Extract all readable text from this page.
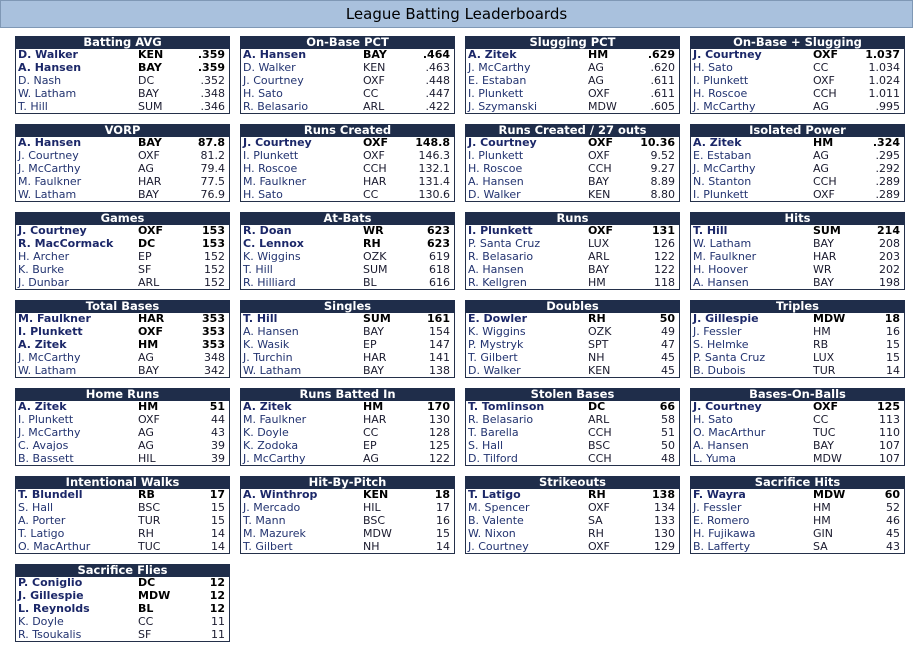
League Batting Leaderboards
Batting AVG
D. Walker	KEN	.359
A. Hansen	BAY	.359
D. Nash	DC	.352
W. Latham	BAY	.348
T. Hill	SUM	.346
On-Base PCT
A. Hansen	BAY	.464
D. Walker	KEN	.463
J. Courtney	OXF	.448
H. Sato	CC	.447
R. Belasario	ARL	.422
Slugging PCT
A. Zitek	HM	.629
J. McCarthy	AG	.620
E. Estaban	AG	.611
I. Plunkett	OXF	.611
J. Szymanski	MDW	.605
On-Base + Slugging
J. Courtney	OXF 1.037
H. Sato	CC	1.034
I. Plunkett	OXF	1.024
H. Roscoe	CCH	1.011
J. McCarthy	AG	.995
VORP
A. Hansen	BAY	87.8
J. Courtney	OXF	81.2
J. McCarthy	AG	79.4
M. Faulkner	HAR	77.5
W. Latham	BAY	76.9
Runs Created
J. Courtney	OXF 148.8
I. Plunkett	OXF	146.3
H. Roscoe	CCH	132.1
M. Faulkner	HAR	131.4
H. Sato	CC	130.6
Runs Created / 27 outs
J. Courtney	OXF 10.36
I. Plunkett	OXF	9.52
H. Roscoe	CCH	9.27
A. Hansen	BAY	8.89
D. Walker	KEN	8.80
Isolated Power
A. Zitek	HM	.324
E. Estaban	AG	.295
J. McCarthy	AG	.292
N. Stanton	CCH	.289
I. Plunkett	OXF	.289
Games
J. Courtney	OXF	153
R. MacCormack DC	153
H. Archer	EP	152
K. Burke	SF	152
J. Dunbar	ARL	152
At-Bats
R. Doan	WR	623
C. Lennox	RH	623
K. Wiggins	OZK	619
T. Hill	SUM	618
R. Hilliard	BL	616
Runs
I. Plunkett	OXF	131
P. Santa Cruz	LUX	126
R. Belasario	ARL	122
A. Hansen	BAY	122
R. Kellgren	HM	118
Hits
T. Hill	SUM	214
W. Latham	BAY	208
M. Faulkner	HAR	203
H. Hoover	WR	202
A. Hansen	BAY	198
Total Bases
M. Faulkner	HAR	353
I. Plunkett	OXF	353
A. Zitek	HM	353
J. McCarthy	AG	348
W. Latham	BAY	342
Singles
T. Hill	SUM	161
A. Hansen	BAY	154
K. Wasik	EP	147
J. Turchin	HAR	141
W. Latham	BAY	138
Doubles
E. Dowler	RH	50
K. Wiggins	OZK	49
P. Mystryk	SPT	47
T. Gilbert	NH	45
D. Walker	KEN	45
Triples
J. Gillespie	MDW	18
J. Fessler	HM	16
S. Helmke	RB	15
P. Santa Cruz	LUX	15
B. Dubois	TUR	14
Home Runs
A. Zitek	HM	51
I. Plunkett	OXF	44
J. McCarthy	AG	43
C. Avajos	AG	39
B. Bassett	HIL	39
Runs Batted In
A. Zitek	HM	170
M. Faulkner	HAR	130
K. Doyle	CC	128
K. Zodoka	EP	125
J. McCarthy	AG	122
Stolen Bases
T. Tomlinson	DC	66
R. Belasario	ARL	58
T. Barella	CCH	51
S. Hall	BSC	50
D. Tilford	CCH	48
Bases-On-Balls
J. Courtney	OXF	125
H. Sato	CC	113
O. MacArthur	TUC	110
A. Hansen	BAY	107
L. Yuma	MDW	107
Intentional Walks
T. Blundell	RB	17
S. Hall	BSC	15
A. Porter	TUR	15
T. Latigo	RH	14
O. MacArthur	TUC	14
Hit-By-Pitch
A. Winthrop	KEN	18
J. Mercado	HIL	17
T. Mann	BSC	16
M. Mazurek	MDW	15
T. Gilbert	NH	14
Strikeouts
T. Latigo	RH	138
M. Spencer	OXF	134
B. Valente	SA	133
W. Nixon	RH	130
J. Courtney	OXF	129
Sacrifice Hits
F. Wayra	MDW	60
J. Fessler	HM	52
E. Romero	HM	46
H. Fujikawa	GIN	45
B. Lafferty	SA	43
Sacrifice Flies
P. Coniglio	DC	12
J. Gillespie	MDW	12
L. Reynolds	BL	12
K. Doyle	CC	11
R. Tsoukalis	SF	11
